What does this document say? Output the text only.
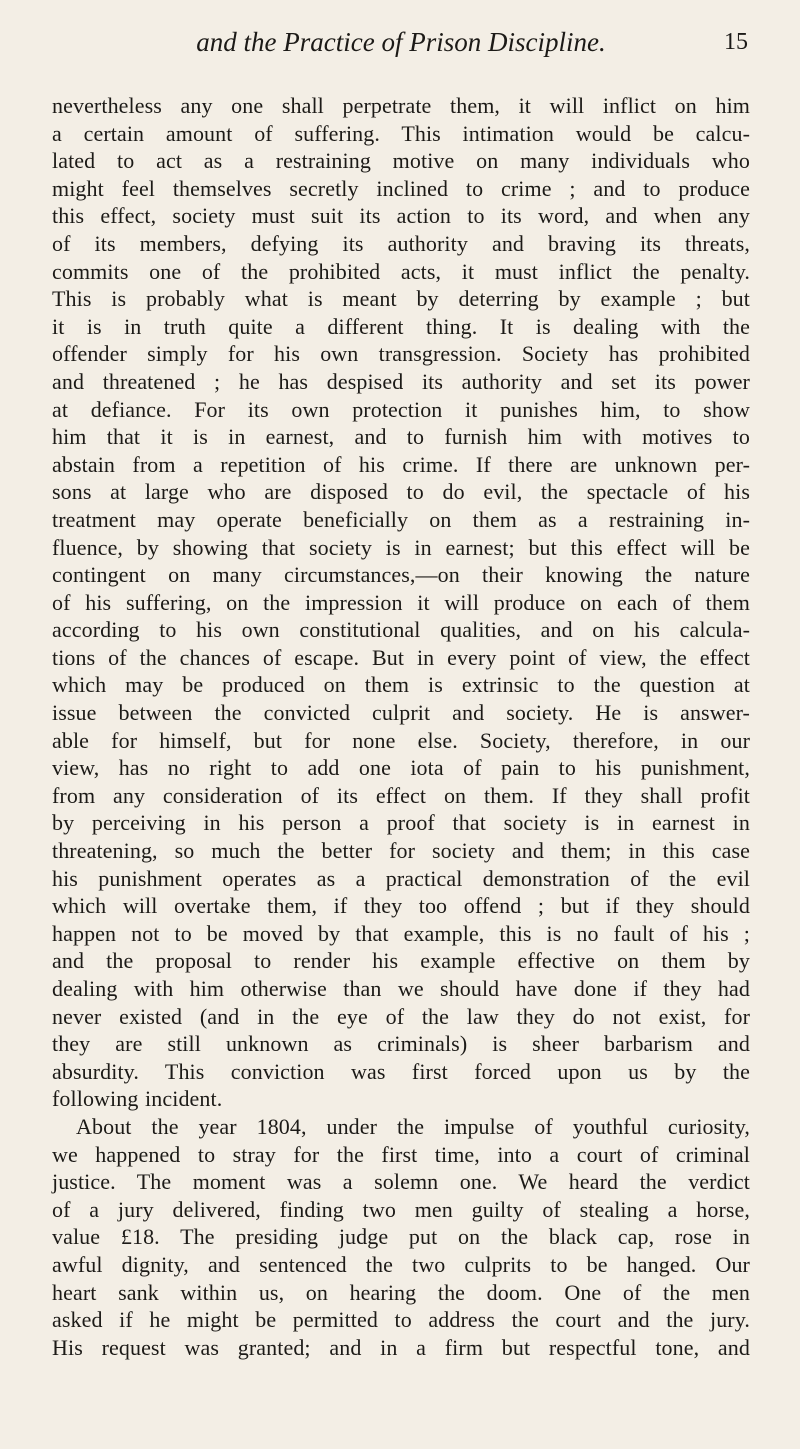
and the Practice of Prison Discipline.	15

nevertheless any one shall perpetrate them, it will inflict on him

a certain amount of suffering. This intimation would be calcu-

lated to act as a restraining motive on many individuals who

might feel themselves secretly inclined to crime ; and to produce

this effect, society must suit its action to its word, and when any

of its members, defying its authority and braving its threats,

commits one of the prohibited acts, it must inflict the penalty.

This is probably what is meant by deterring by example ; but

it is in truth quite a different thing. It is dealing with the

offender simply for his own transgression. Society has prohibited

and threatened ; he has despised its authority and set its power

at defiance. For its own protection it punishes him, to show

him that it is in earnest, and to furnish him with motives to

abstain from a repetition of his crime. If there are unknown per-

sons at large who are disposed to do evil, the spectacle of his

treatment may operate beneficially on them as a restraining in-

fluence, by showing that society is in earnest; but this effect will be

contingent on many circumstances,—on their knowing the nature

of his suffering, on the impression it will produce on each of them

according to his own constitutional qualities, and on his calcula-

tions of the chances of escape. But in every point of view, the effect

which may be produced on them is extrinsic to the question at

issue between the convicted culprit and society. He is answer-

able for himself, but for none else. Society, therefore, in our

view, has no right to add one iota of pain to his punishment,

from any consideration of its effect on them. If they shall profit

by perceiving in his person a proof that society is in earnest in

threatening, so much the better for society and them; in this case

his punishment operates as a practical demonstration of the evil

which will overtake them, if they too offend ; but if they should

happen not to be moved by that example, this is no fault of his ;

and the proposal to render his example effective on them by

dealing with him otherwise than we should have done if they had

never existed (and in the eye of the law they do not exist, for

they are still unknown as criminals) is sheer barbarism and

absurdity. This conviction was first forced upon us by the

following incident.

About the year 1804, under the impulse of youthful curiosity,

we happened to stray for the first time, into a court of criminal

justice. The moment was a solemn one. We heard the verdict

of a jury delivered, finding two men guilty of stealing a horse,

value £18. The presiding judge put on the black cap, rose in

awful dignity, and sentenced the two culprits to be hanged. Our

heart sank within us, on hearing the doom. One of the men

asked if he might be permitted to address the court and the jury.

His request was granted; and in a firm but respectful tone, and
